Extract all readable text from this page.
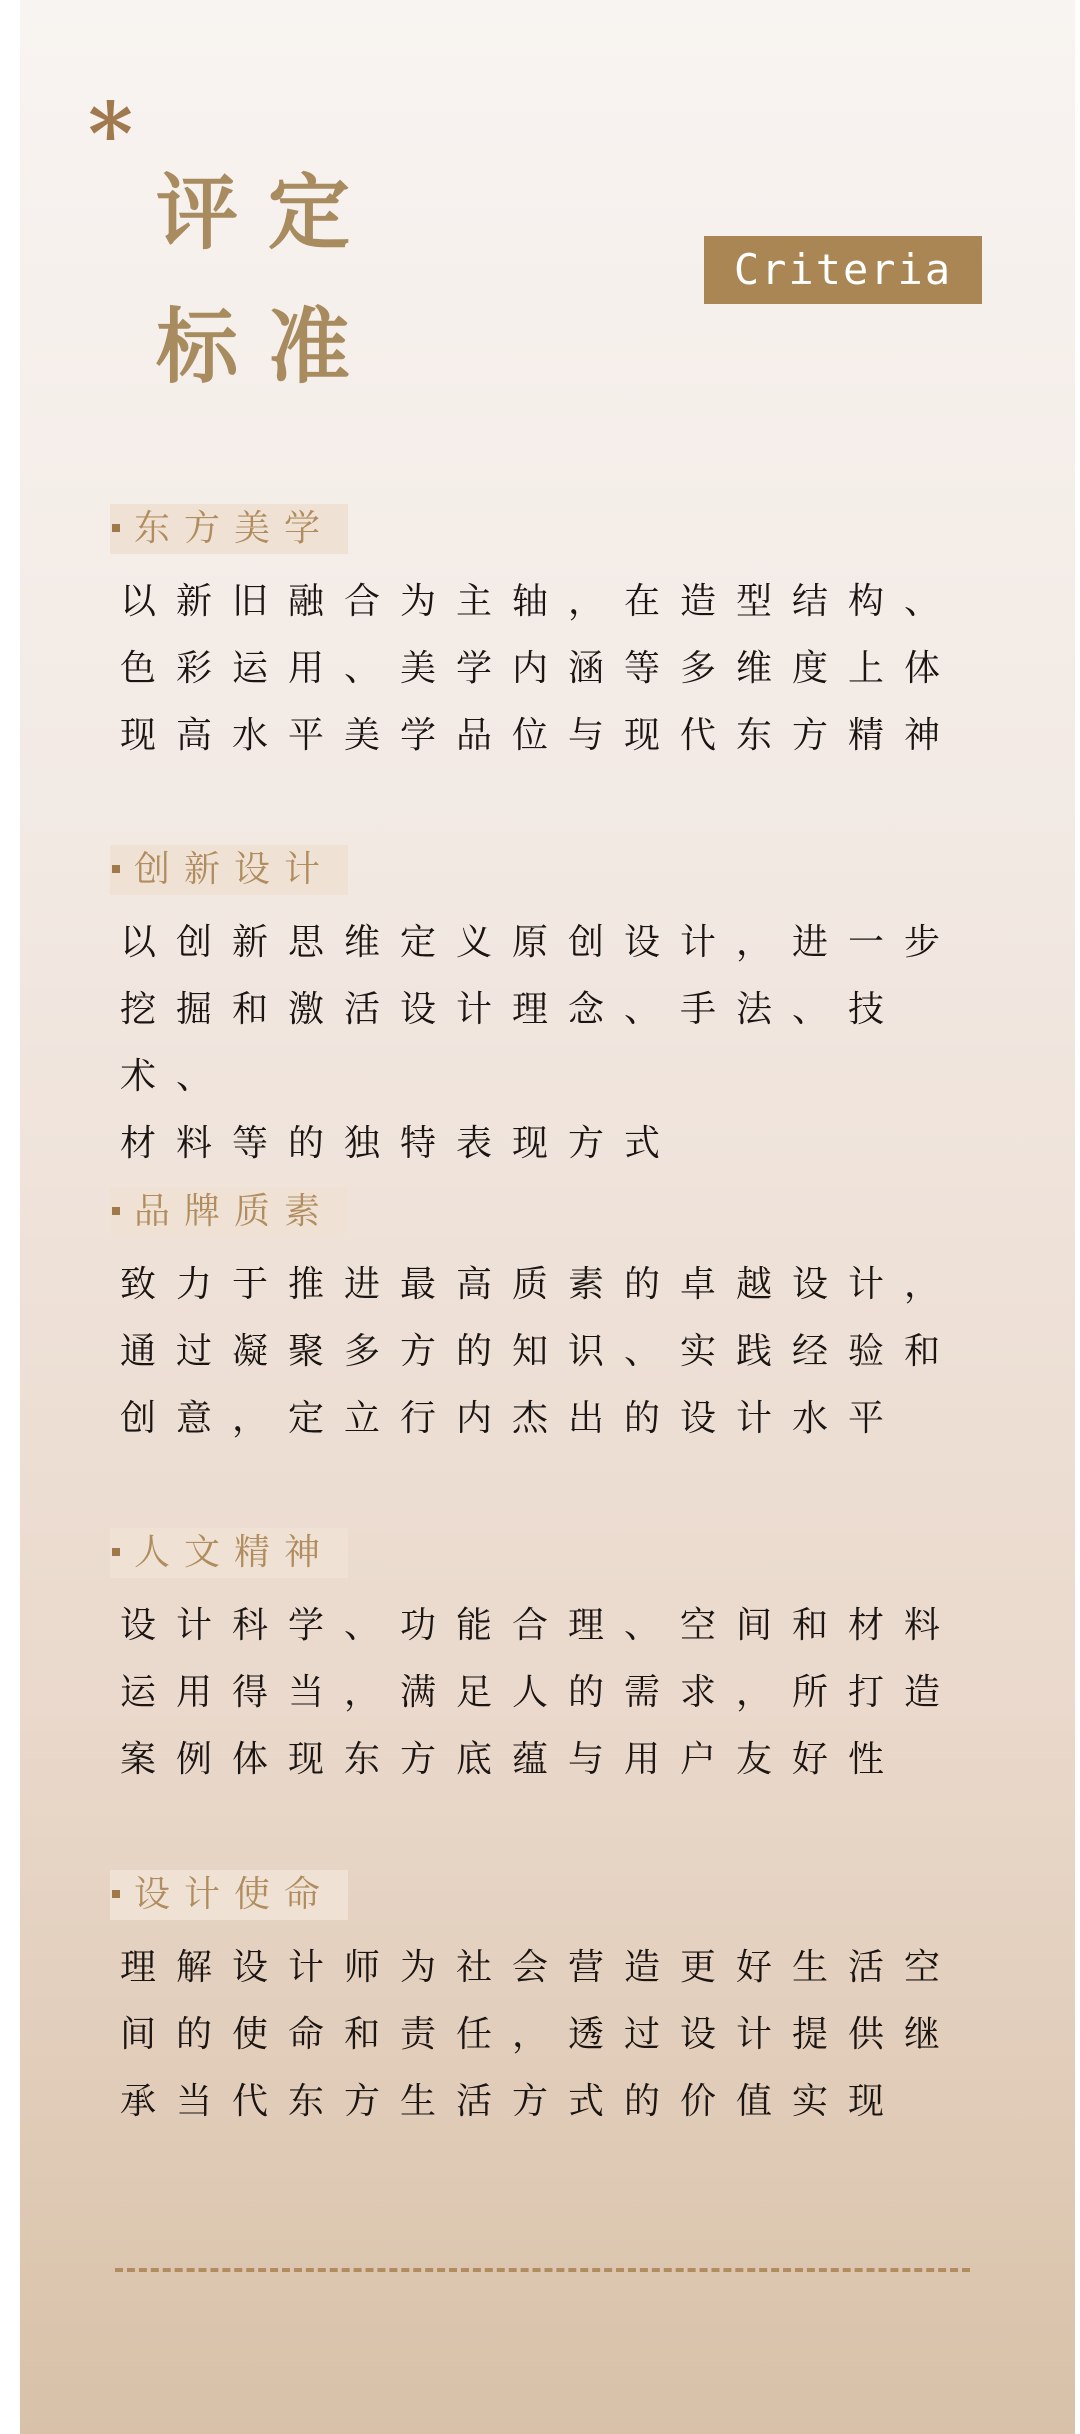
*
评定
标准
Criteria
东方美学
以新旧融合为主轴，在造型结构、
色彩运用、美学内涵等多维度上体
现高水平美学品位与现代东方精神
创新设计
以创新思维定义原创设计，进一步
挖掘和激活设计理念、手法、技术、
材料等的独特表现方式
品牌质素
致力于推进最高质素的卓越设计，
通过凝聚多方的知识、实践经验和
创意，定立行内杰出的设计水平
人文精神
设计科学、功能合理、空间和材料
运用得当，满足人的需求，所打造
案例体现东方底蕴与用户友好性
设计使命
理解设计师为社会营造更好生活空
间的使命和责任，透过设计提供继
承当代东方生活方式的价值实现
